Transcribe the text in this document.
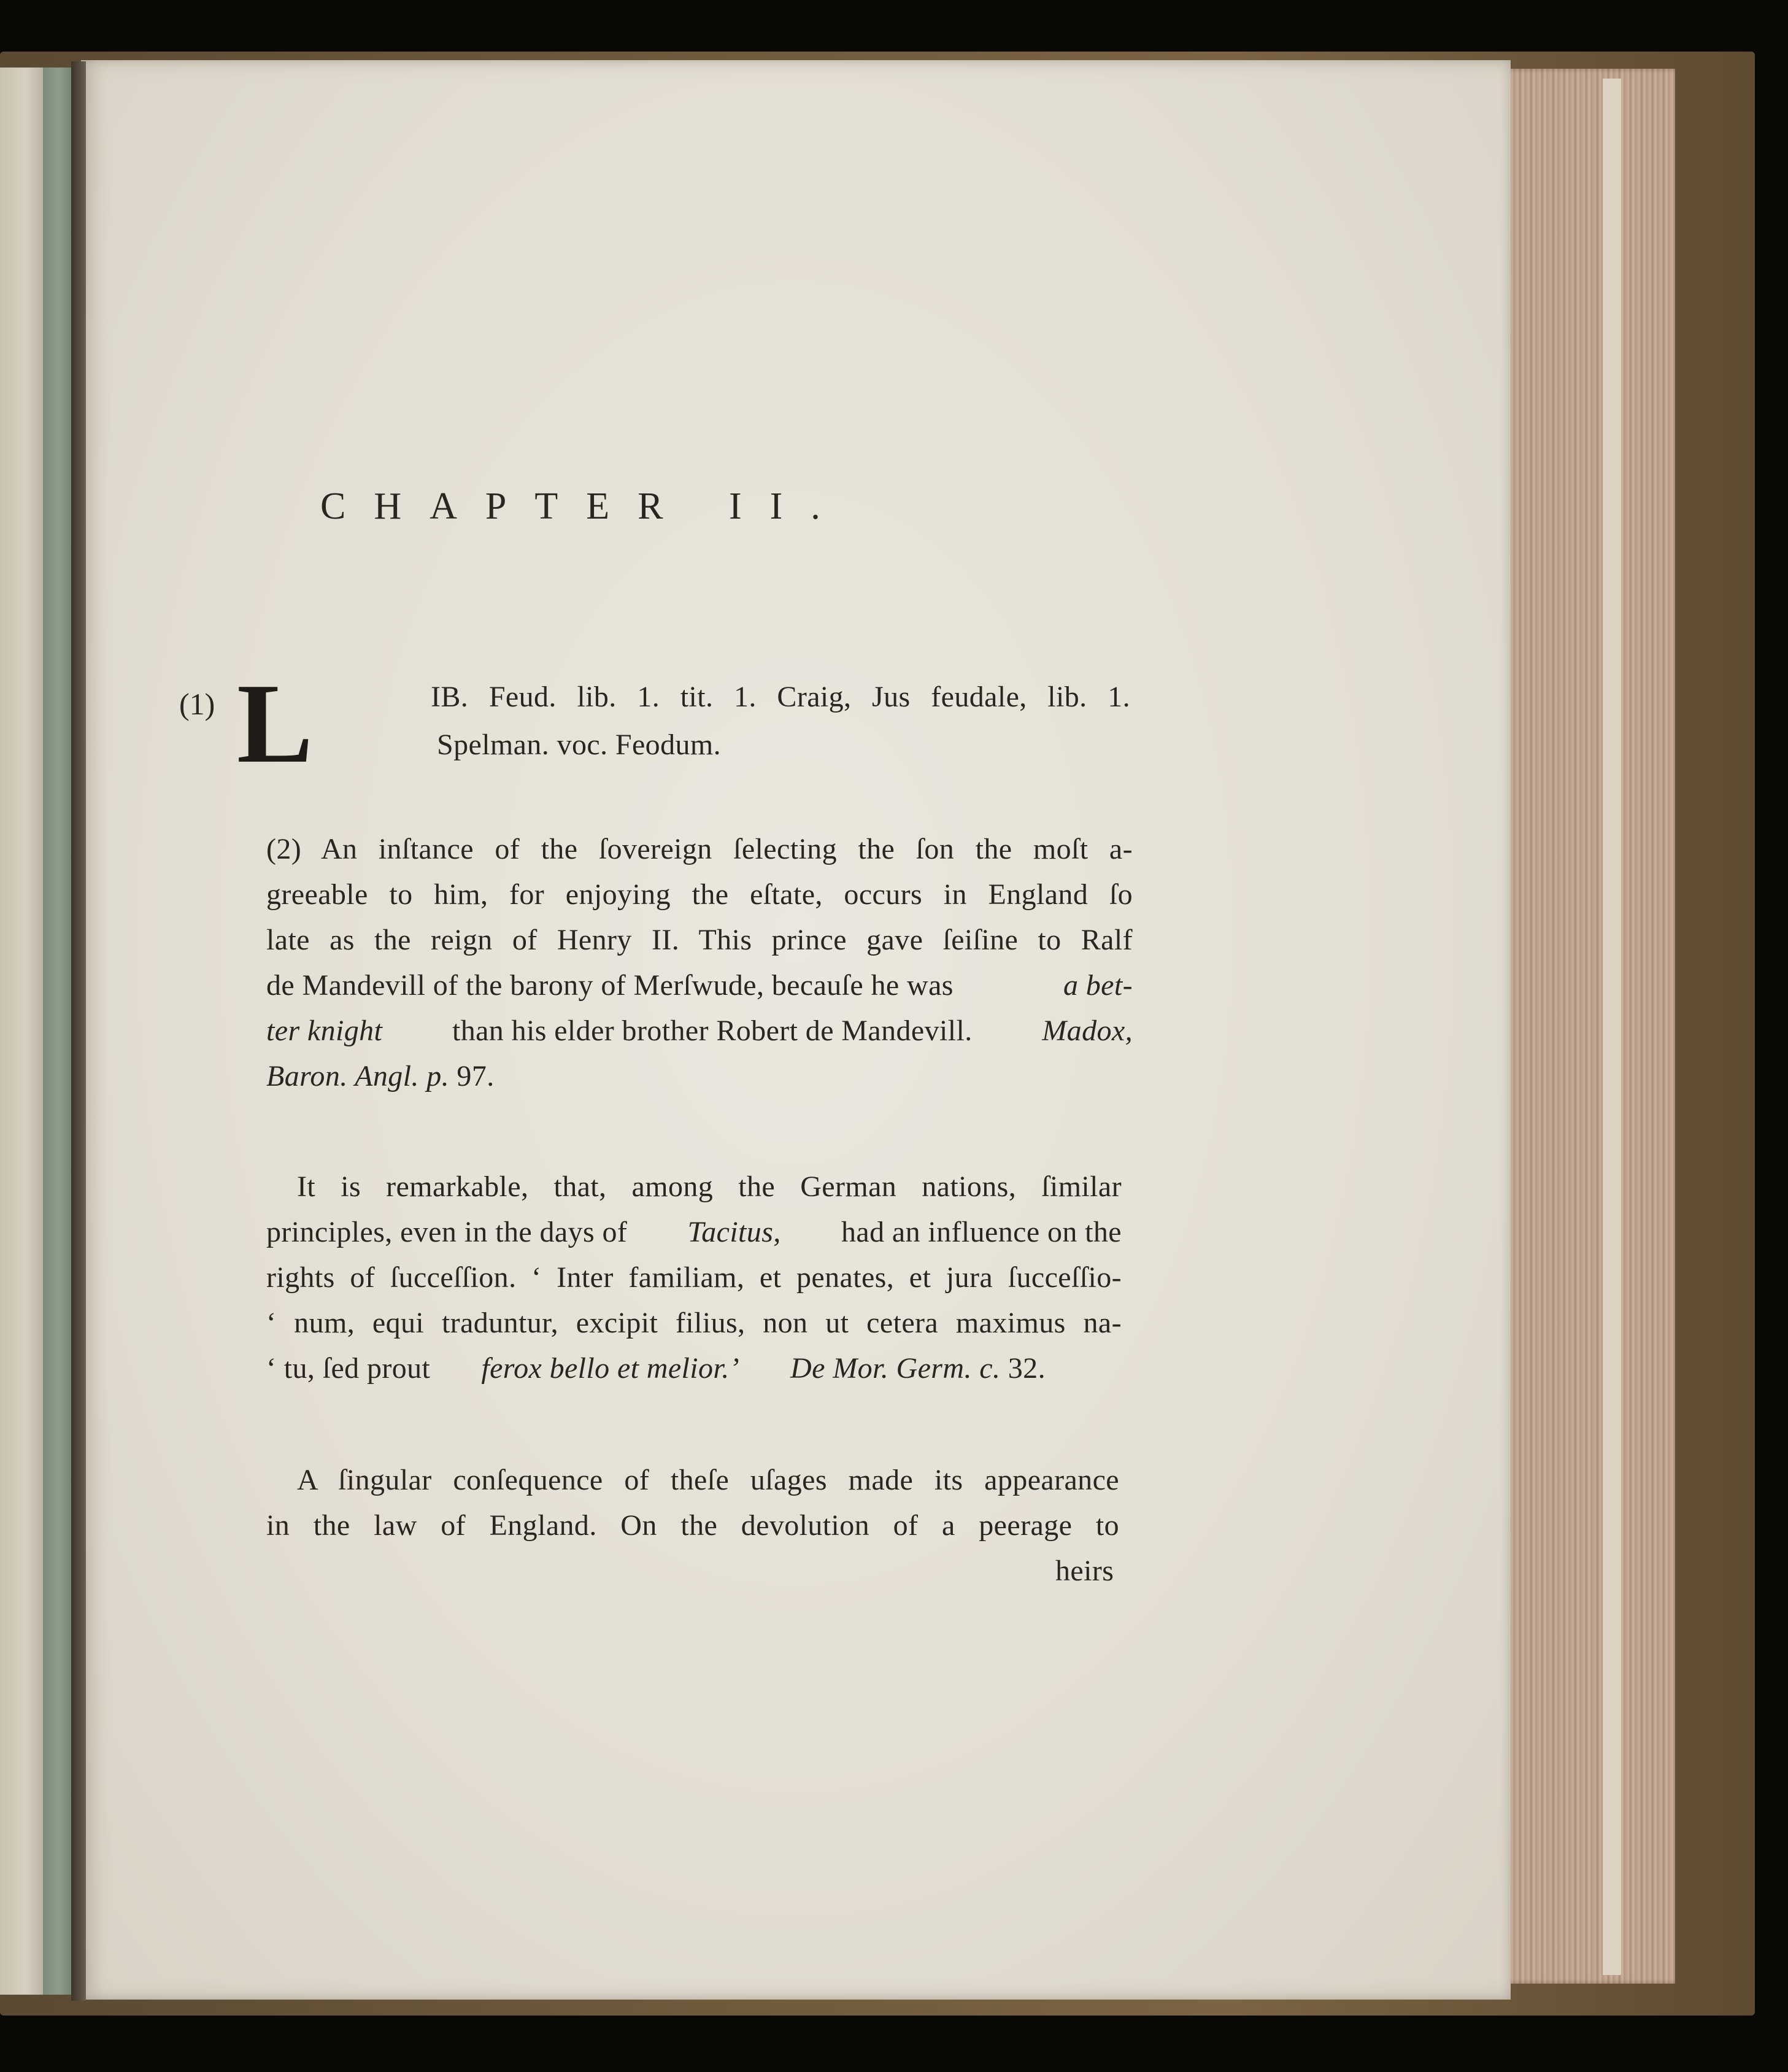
CHAPTER II.
(1) L	IB. Feud. lib. 1. tit. 1. Craig, Jus feudale, lib. 1.
Spelman. voc. Feodum.
(2) An inſtance of the ſovereign ſelecting the ſon the moſt a-
greeable to him, for enjoying the eſtate, occurs in England ſo
late as the reign of Henry II. This prince gave ſeiſine to Ralf
de Mandevill of the barony of Merſwude, becauſe he was	a bet-
ter knight than his elder brother Robert de Mandevill. Madox,
Baron. Angl. p. 97.
It is remarkable, that, among the German nations, ſimilar
principles, even in the days of Tacitus, had an influence on the
rights of ſucceſſion. ‘ Inter familiam, et penates, et jura ſucceſſio-
‘ num, equi traduntur, excipit filius, non ut cetera maximus na-
‘ tu, ſed prout ferox bello et melior.’ De Mor. Germ. c. 32.
A ſingular conſequence of theſe uſages made its appearance
in the law of England. On the devolution of a peerage to
heirs
